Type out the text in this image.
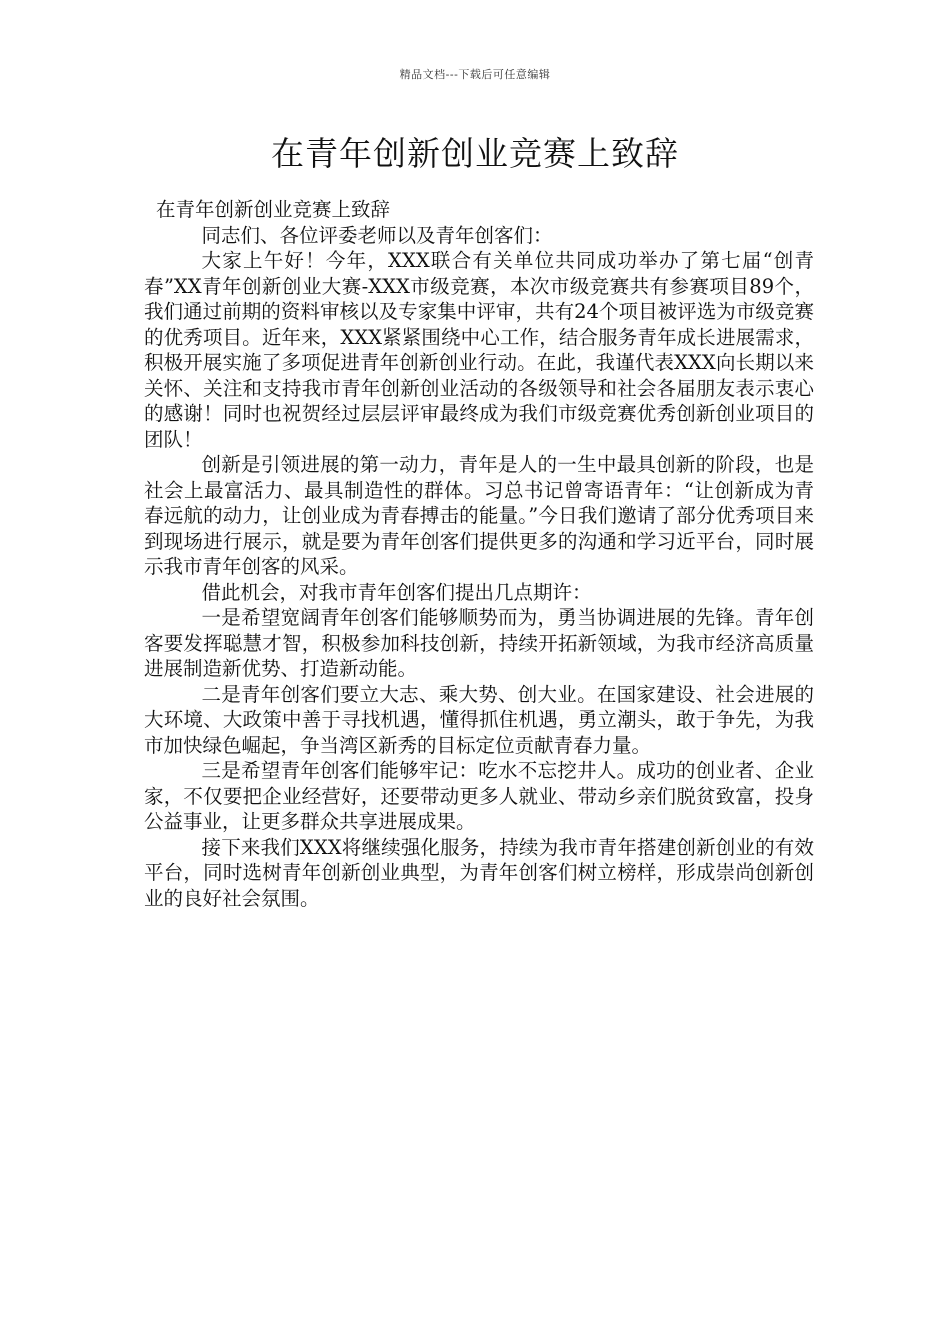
精品文档---下载后可任意编辑
在青年创新创业竞赛上致辞

在青年创新创业竞赛上致辞

同志们、各位评委老师以及青年创客们：

大家上午好！今年，XXX联合有关单位共同成功举办了第七届“创青春”XX青年创新创业大赛-XXX市级竞赛，本次市级竞赛共有参赛项目89个，我们通过前期的资料审核以及专家集中评审，共有24个项目被评选为市级竞赛的优秀项目。近年来，XXX紧紧围绕中心工作，结合服务青年成长进展需求，积极开展实施了多项促进青年创新创业行动。在此，我谨代表XXX向长期以来关怀、关注和支持我市青年创新创业活动的各级领导和社会各届朋友表示衷心的感谢！同时也祝贺经过层层评审最终成为我们市级竞赛优秀创新创业项目的团队！

创新是引领进展的第一动力，青年是人的一生中最具创新的阶段，也是社会上最富活力、最具制造性的群体。习总书记曾寄语青年：“让创新成为青春远航的动力，让创业成为青春搏击的能量。”今日我们邀请了部分优秀项目来到现场进行展示，就是要为青年创客们提供更多的沟通和学习近平台，同时展示我市青年创客的风采。

借此机会，对我市青年创客们提出几点期许：

一是希望宽阔青年创客们能够顺势而为，勇当协调进展的先锋。青年创客要发挥聪慧才智，积极参加科技创新，持续开拓新领域，为我市经济高质量进展制造新优势、打造新动能。

二是青年创客们要立大志、乘大势、创大业。在国家建设、社会进展的大环境、大政策中善于寻找机遇，懂得抓住机遇，勇立潮头，敢于争先，为我市加快绿色崛起，争当湾区新秀的目标定位贡献青春力量。

三是希望青年创客们能够牢记：吃水不忘挖井人。成功的创业者、企业家，不仅要把企业经营好，还要带动更多人就业、带动乡亲们脱贫致富，投身公益事业，让更多群众共享进展成果。

接下来我们XXX将继续强化服务，持续为我市青年搭建创新创业的有效平台，同时选树青年创新创业典型，为青年创客们树立榜样，形成崇尚创新创业的良好社会氛围。
